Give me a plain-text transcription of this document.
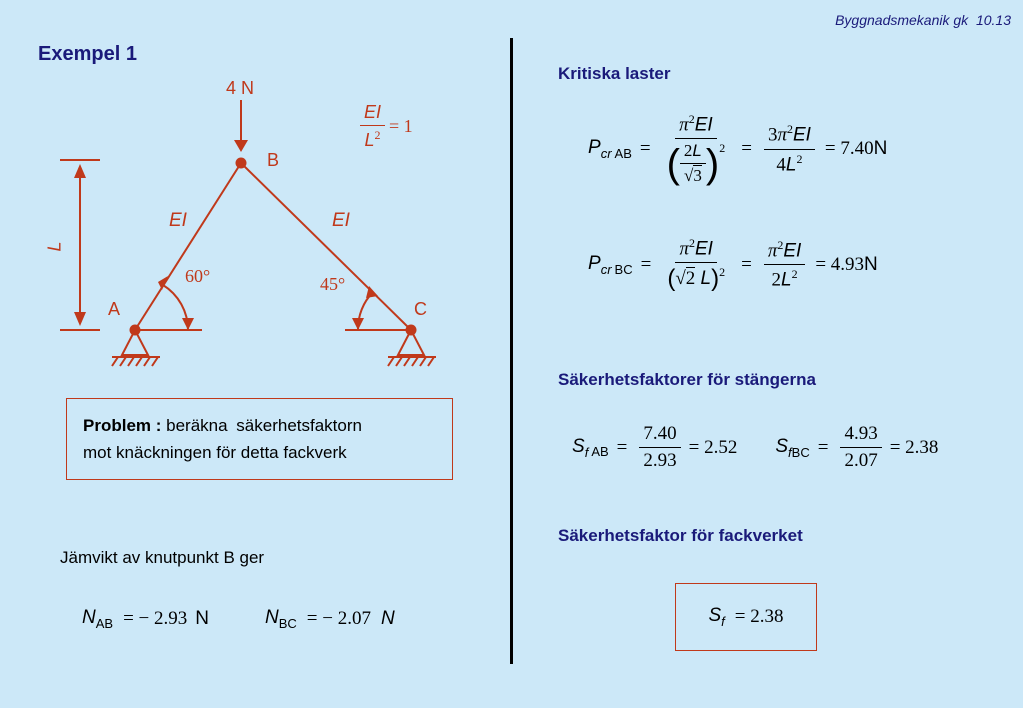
Byggnadsmekanik gk 10.13
Exempel 1
4 N
B
A	C
EI	EI
L
60°	45°
$\frac{EI}{L^2} = 1$
Problem : beräkna säkerhetsfaktorn
mot knäckningen för detta fackverk
Jämvikt av knutpunkt B ger
$N_{AB}$ = − 2.93 N	$N_{BC}$ = − 2.07 N
Kritiska laster
$P_{cr}$ $_{AB} = \frac{\pi^2EI}{( \frac{2L}{√3} )^2} = \frac{3\pi^2EI}{4L^2} = 7.40$ N
$P_{cr}$ $_{BC} = \pi^2EI$
( √2
L )$^2 = \frac{\pi^2EI}{2L^2} = 4.93$ N
Säkerhetsfaktorer för stängerna
$S_f$ $_{AB} = \frac{7.40}{2.93} = 2.52$ $S_{fBC} = \frac{4.93}{2.07} = 2.38$
Säkerhetsfaktor för fackverket
$S_f = 2.38$
